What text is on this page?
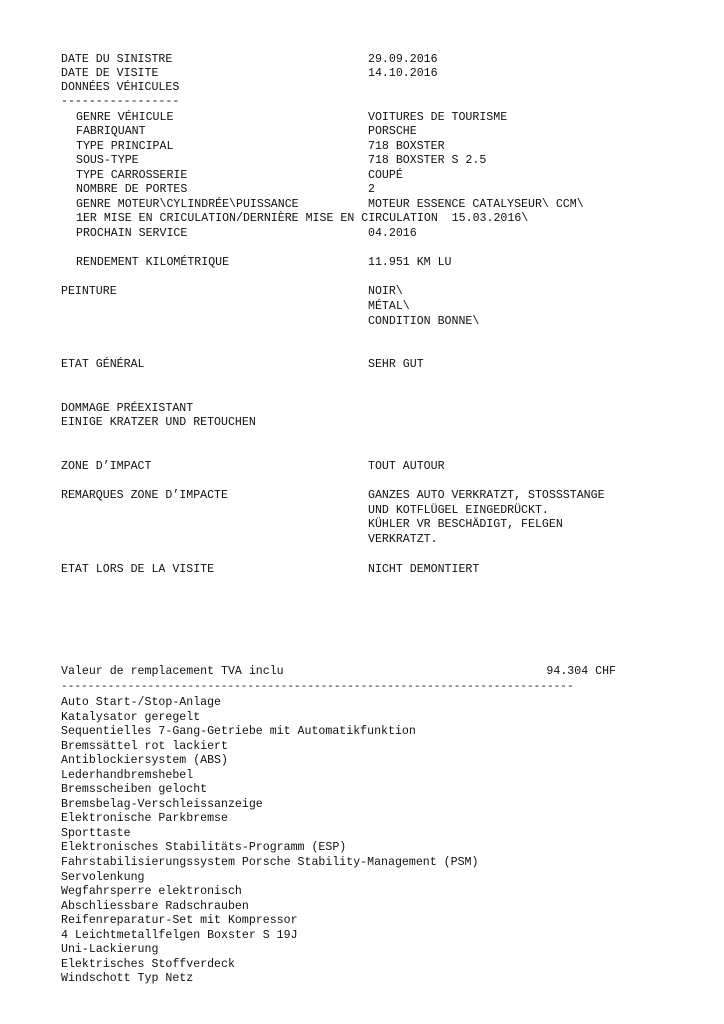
DATE DU SINISTRE	29.09.2016
DATE DE VISITE	14.10.2016
DONNÉES VÉHICULES
-----------------
GENRE VÉHICULE	VOITURES DE TOURISME
FABRIQUANT	PORSCHE
TYPE PRINCIPAL	718 BOXSTER
SOUS-TYPE	718 BOXSTER S 2.5
TYPE CARROSSERIE	COUPÉ
NOMBRE DE PORTES	2
GENRE MOTEUR\CYLINDRÉE\PUISSANCE	MOTEUR ESSENCE CATALYSEUR\ CCM\
1ER MISE EN CRICULATION/DERNIÈRE MISE EN CIRCULATION  15.03.2016\
PROCHAIN SERVICE	04.2016
RENDEMENT KILOMÉTRIQUE	11.951 KM LU
PEINTURE	NOIR\
MÉTAL\
CONDITION BONNE\
ETAT GÉNÉRAL	SEHR GUT
DOMMAGE PRÉEXISTANT
EINIGE KRATZER UND RETOUCHEN
ZONE D’IMPACT	TOUT AUTOUR
REMARQUES ZONE D’IMPACTE	GANZES AUTO VERKRATZT, STOSSSTANGE
UND KOTFLÜGEL EINGEDRÜCKT.
KÜHLER VR BESCHÄDIGT, FELGEN
VERKRATZT.
ETAT LORS DE LA VISITE	NICHT DEMONTIERT
Valeur de remplacement TVA inclu	94.304 CHF
-----------------------------------------------------------------------------
Auto Start-/Stop-Anlage
Katalysator geregelt
Sequentielles 7-Gang-Getriebe mit Automatikfunktion
Bremssättel rot lackiert
Antiblockiersystem (ABS)
Lederhandbremshebel
Bremsscheiben gelocht
Bremsbelag-Verschleissanzeige
Elektronische Parkbremse
Sporttaste
Elektronisches Stabilitäts-Programm (ESP)
Fahrstabilisierungssystem Porsche Stability-Management (PSM)
Servolenkung
Wegfahrsperre elektronisch
Abschliessbare Radschrauben
Reifenreparatur-Set mit Kompressor
4 Leichtmetallfelgen Boxster S 19J
Uni-Lackierung
Elektrisches Stoffverdeck
Windschott Typ Netz
